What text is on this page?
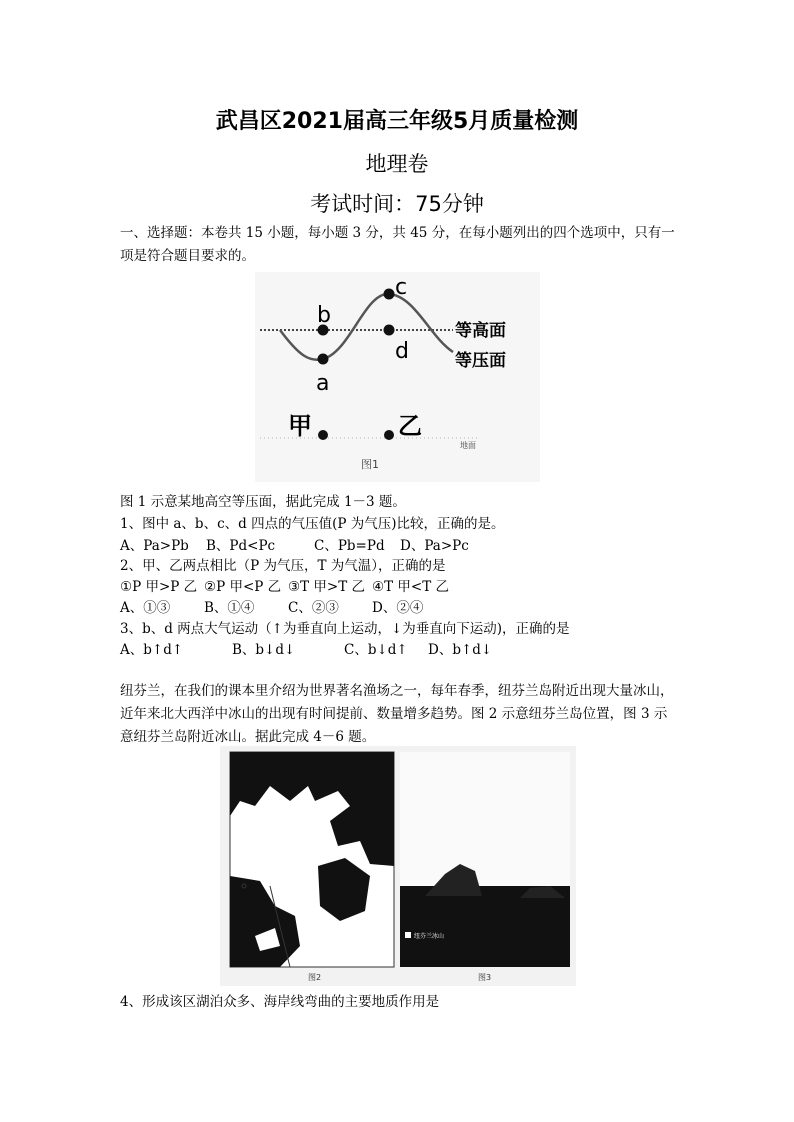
武昌区2021届高三年级5月质量检测
地理卷
考试时间：75分钟
一、选择题：本卷共 15 小题，每小题 3 分，共 45 分，在每小题列出的四个选项中，只有一项是符合题目要求的。
b
c
d
a
等高面
等压面
甲	乙
地面
图1
图 1 示意某地高空等压面，据此完成 1－3 题。
1、图中 a、b、c、d 四点的气压值(P 为气压)比较，正确的是。
A、Pa>Pb B、Pd<Pc	C、Pb=Pd D、Pa>Pc
2、甲、乙两点相比（P 为气压，T 为气温），正确的是
①P 甲>P 乙 ②P 甲<P 乙 ③T 甲>T 乙 ④T 甲<T 乙
A、①③	B、①④ C、②③ D、②④
3、b、d 两点大气运动（↑为垂直向上运动，↓为垂直向下运动)，正确的是
A、b↑d↑	B、b↓d↓	C、b↓d↑ D、b↑d↓
纽芬兰，在我们的课本里介绍为世界著名渔场之一，每年春季，纽芬兰岛附近出现大量冰山，近年来北大西洋中冰山的出现有时间提前、数量增多趋势。图 2 示意纽芬兰岛位置，图 3 示意纽芬兰岛附近冰山。据此完成 4－6 题。
图2
纽芬兰冰山
图3
4、形成该区湖泊众多、海岸线弯曲的主要地质作用是
